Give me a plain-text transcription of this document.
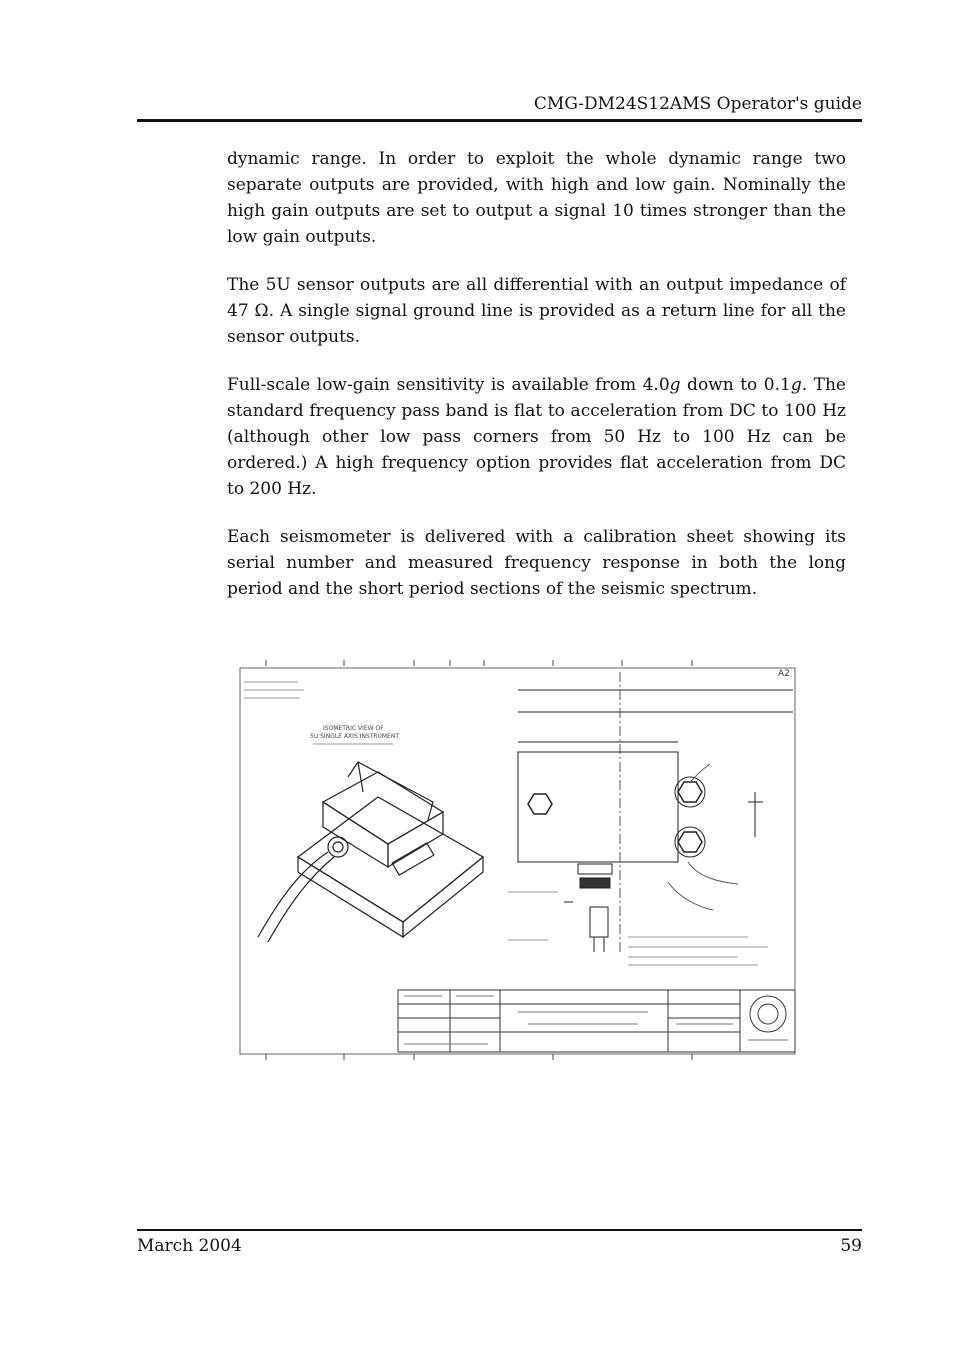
CMG-DM24S12AMS Operator's guide

dynamic range. In order to exploit the whole dynamic range two separate outputs are provided, with high and low gain. Nominally the high gain outputs are set to output a signal 10 times stronger than the low gain outputs.

The 5U sensor outputs are all differential with an output impedance of 47 Ω. A single signal ground line is provided as a return line for all the sensor outputs.

Full-scale low-gain sensitivity is available from 4.0g down to 0.1g. The standard frequency pass band is flat to acceleration from DC to 100 Hz (although other low pass corners from 50 Hz to 100 Hz can be ordered.) A high frequency option provides flat acceleration from DC to 200 Hz.

Each seismometer is delivered with a calibration sheet showing its serial number and measured frequency response in both the long period and the short period sections of the seismic spectrum.

A2
ISOMETRIC VIEW OF
5U SINGLE AXIS INSTRUMENT
March 2004	59
